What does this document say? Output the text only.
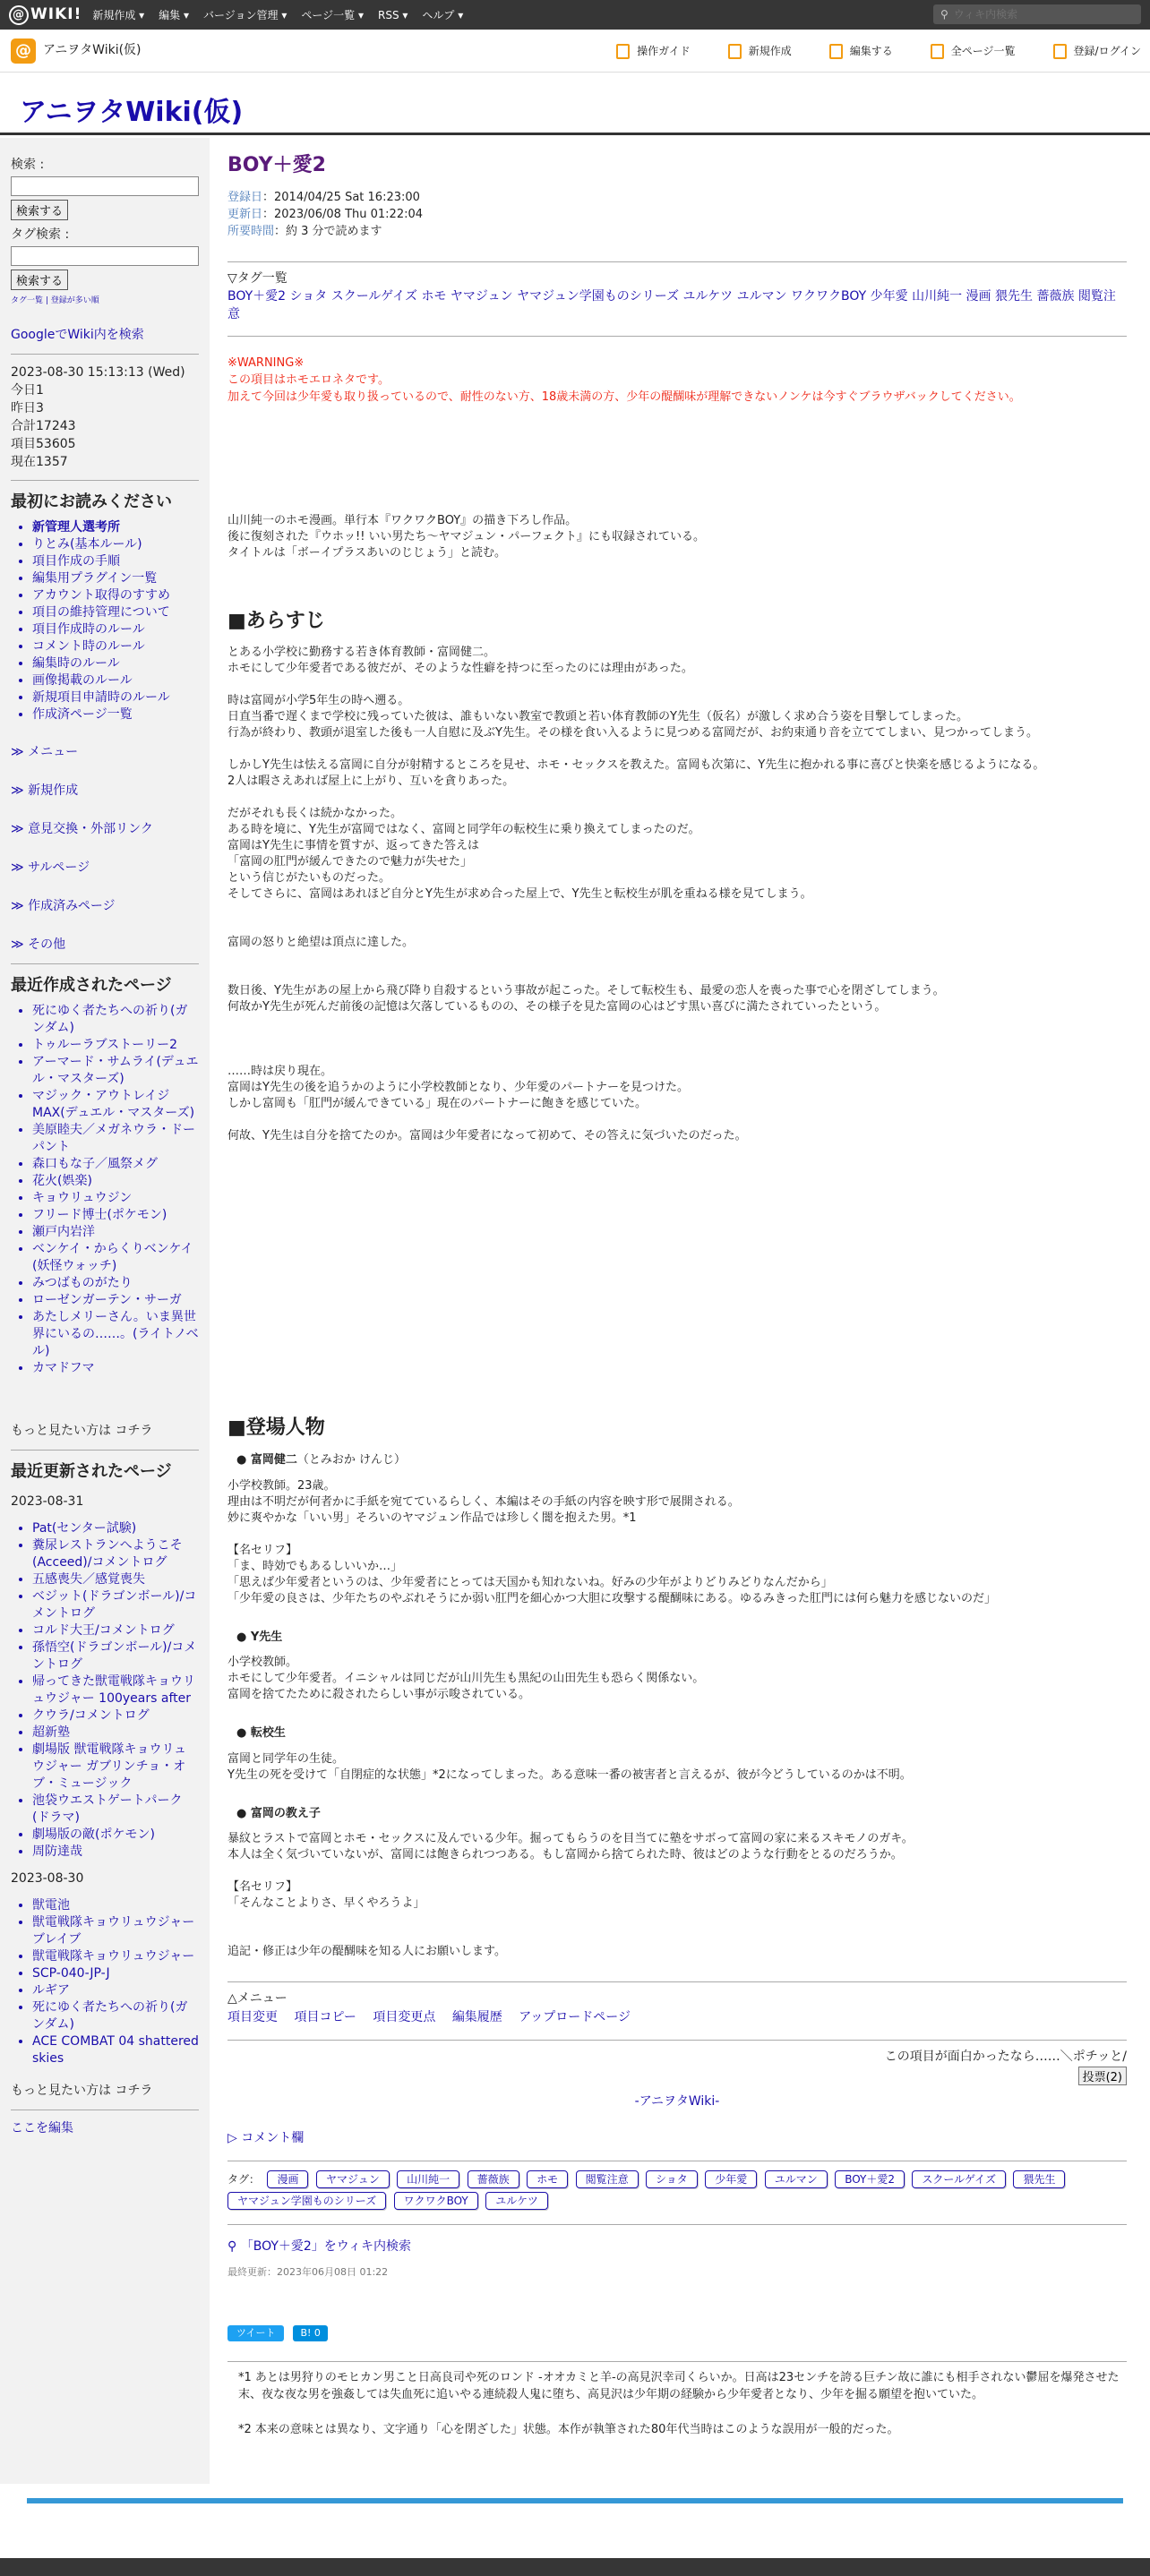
@ WIKI! 新規作成 ▾ 編集 ▾ バージョン管理 ▾ ページ一覧 ▾ RSS ▾ ヘルプ ▾	⚲
ウィキ内検索
@ アニヲタWiki(仮)	操作ガイド	新規作成	編集する	全ページ一覧	登録/ログイン
アニヲタWiki(仮)
検索 :

検索する
タグ検索 :

検索する
タグ一覧 | 登録が多い順
GoogleでWiki内を検索
2023-08-30 15:13:13 (Wed)
今日1
昨日3
合計17243
項目53605
現在1357
最初にお読みください
• 新管理人選考所
• りとみ(基本ルール)
• 項目作成の手順
• 編集用プラグイン一覧
• アカウント取得のすすめ
• 項目の維持管理について
• 項目作成時のルール
• コメント時のルール
• 編集時のルール
• 画像掲載のルール
• 新規項目申請時のルール
• 作成済ページ一覧
≫ メニュー
≫ 新規作成
≫ 意見交換・外部リンク
≫ サルページ
≫ 作成済みページ
≫ その他
最近作成されたページ
• 死にゆく者たちへの祈り(ガンダム)
• トゥルーラブストーリー2
• アーマード・サムライ(デュエル・マスターズ)
• マジック・アウトレイジMAX(デュエル・マスターズ)
• 美原睦夫／メガネウラ・ドーパント
• 森口もな子／風祭メグ
• 花火(娯楽)
• キョウリュウジン
• フリード博士(ポケモン)
• 瀬戸内岩洋
• ベンケイ・からくりベンケイ(妖怪ウォッチ)
• みつばものがたり
• ローゼンガーテン・サーガ
• あたしメリーさん。いま異世界にいるの……。(ライトノベル)
• カマドフマ
もっと見たい方は コチラ
最近更新されたページ
2023-08-31
• Pat(センター試験)
• 糞尿レストランへようこそ(Acceed)/コメントログ
• 五感喪失／感覚喪失
• ベジット(ドラゴンボール)/コメントログ
• コルド大王/コメントログ
• 孫悟空(ドラゴンボール)/コメントログ
• 帰ってきた獣電戦隊キョウリュウジャー 100years after
• クウラ/コメントログ
• 超新塾
• 劇場版 獣電戦隊キョウリュウジャー ガブリンチョ・オブ・ミュージック
• 池袋ウエストゲートパーク(ドラマ)
• 劇場版の敵(ポケモン)
• 周防達哉
2023-08-30
• 獣電池
• 獣電戦隊キョウリュウジャーブレイブ
• 獣電戦隊キョウリュウジャー
• SCP-040-JP-J
• ルギア
• 死にゆく者たちへの祈り(ガンダム)
• ACE COMBAT 04 shattered skies
もっと見たい方は コチラ
ここを編集
BOY＋愛2
登録日：2014/04/25 Sat 16:23:00
更新日：2023/06/08 Thu 01:22:04
所要時間：約 3 分で読めます
▽タグ一覧
BOY＋愛2 ショタ スクールゲイズ ホモ ヤマジュン ヤマジュン学園ものシリーズ ユルケツ ユルマン ワクワクBOY 少年愛 山川純一 漫画 猥先生 薔薇族 閲覧注意
※WARNING※
この項目はホモエロネタです。
加えて今回は少年愛も取り扱っているので、耐性のない方、18歳未満の方、少年の醍醐味が理解できないノンケは今すぐブラウザバックしてください。
山川純一のホモ漫画。単行本『ワクワクBOY』の描き下ろし作品。
後に復刻された『ウホッ!! いい男たち〜ヤマジュン・パーフェクト』にも収録されている。
タイトルは「ボーイプラスあいのじじょう」と読む。
■あらすじ
とある小学校に勤務する若き体育教師・富岡健二。
ホモにして少年愛者である彼だが、そのような性癖を持つに至ったのには理由があった。
時は富岡が小学5年生の時へ遡る。
日直当番で遅くまで学校に残っていた彼は、誰もいない教室で教頭と若い体育教師のY先生（仮名）が激しく求め合う姿を目撃してしまった。
行為が終わり、教頭が退室した後も一人自慰に及ぶY先生。その様を食い入るように見つめる富岡だが、お約束通り音を立ててしまい、見つかってしまう。
しかしY先生は怯える富岡に自分が射精するところを見せ、ホモ・セックスを教えた。富岡も次第に、Y先生に抱かれる事に喜びと快楽を感じるようになる。
2人は暇さえあれば屋上に上がり、互いを貪りあった。
だがそれも長くは続かなかった。
ある時を境に、Y先生が富岡ではなく、富岡と同学年の転校生に乗り換えてしまったのだ。
富岡はY先生に事情を質すが、返ってきた答えは
「富岡の肛門が緩んできたので魅力が失せた」
という信じがたいものだった。
そしてさらに、富岡はあれほど自分とY先生が求め合った屋上で、Y先生と転校生が肌を重ねる様を見てしまう。
富岡の怒りと絶望は頂点に達した。
数日後、Y先生があの屋上から飛び降り自殺するという事故が起こった。そして転校生も、最愛の恋人を喪った事で心を閉ざしてしまう。
何故かY先生が死んだ前後の記憶は欠落しているものの、その様子を見た富岡の心はどす黒い喜びに満たされていったという。
……時は戻り現在。
富岡はY先生の後を追うかのように小学校教師となり、少年愛のパートナーを見つけた。
しかし富岡も「肛門が緩んできている」現在のパートナーに飽きを感じていた。
何故、Y先生は自分を捨てたのか。富岡は少年愛者になって初めて、その答えに気づいたのだった。
■登場人物
● 富岡健二（とみおか けんじ）
小学校教師。23歳。
理由は不明だが何者かに手紙を宛てているらしく、本編はその手紙の内容を映す形で展開される。
妙に爽やかな「いい男」そろいのヤマジュン作品では珍しく闇を抱えた男。*1
【名セリフ】
「ま、時効でもあるしいいか…」
「思えば少年愛者というのは、少年愛者にとっては天国かも知れないね。好みの少年がよりどりみどりなんだから」
「少年愛の良さは、少年たちのやぶれそうにか弱い肛門を細心かつ大胆に攻撃する醍醐味にある。ゆるみきった肛門には何ら魅力を感じないのだ」
● Y先生
小学校教師。
ホモにして少年愛者。イニシャルは同じだが山川先生も黒紀の山田先生も恐らく関係ない。
富岡を捨てたために殺されたらしい事が示唆されている。
● 転校生
富岡と同学年の生徒。
Y先生の死を受けて「自閉症的な状態」*2になってしまった。ある意味一番の被害者と言えるが、彼が今どうしているのかは不明。
● 富岡の教え子
暴紋とラストで富岡とホモ・セックスに及んでいる少年。掘ってもらうのを目当てに塾をサボって富岡の家に来るスキモノのガキ。
本人は全く気づいていないが、富岡には飽きられつつある。もし富岡から捨てられた時、彼はどのような行動をとるのだろうか。
【名セリフ】
「そんなことよりさ、早くやろうよ」
追記・修正は少年の醍醐味を知る人にお願いします。
△メニュー
項目変更　 項目コピー　 項目変更点　 編集履歴　 アップロードページ
この項目が面白かったなら……＼ポチッと/
投票(2)
-アニヲタWiki-
▷ コメント欄
タグ： 漫画	ヤマジュン	山川純一	薔薇族	ホモ	閲覧注意	ショタ	少年愛	ユルマン	BOY＋愛2	スクールゲイズ	猥先生 ヤマジュン学園ものシリーズ	ワクワクBOY	ユルケツ
⚲ 「BOY＋愛2」をウィキ内検索
最終更新：2023年06月08日 01:22
ツイート	B! 0
*1 あとは男狩りのモヒカン男こと日高良司や死のロンド -オオカミと羊-の高見沢幸司くらいか。日高は23センチを誇る巨チン故に誰にも相手されない鬱屈を爆発させた末、夜な夜な男を強姦しては失血死に追いやる連続殺人鬼に堕ち、高見沢は少年期の経験から少年愛者となり、少年を掘る願望を抱いていた。
*2 本来の意味とは異なり、文字通り「心を閉ざした」状態。本作が執筆された80年代当時はこのような誤用が一般的だった。
